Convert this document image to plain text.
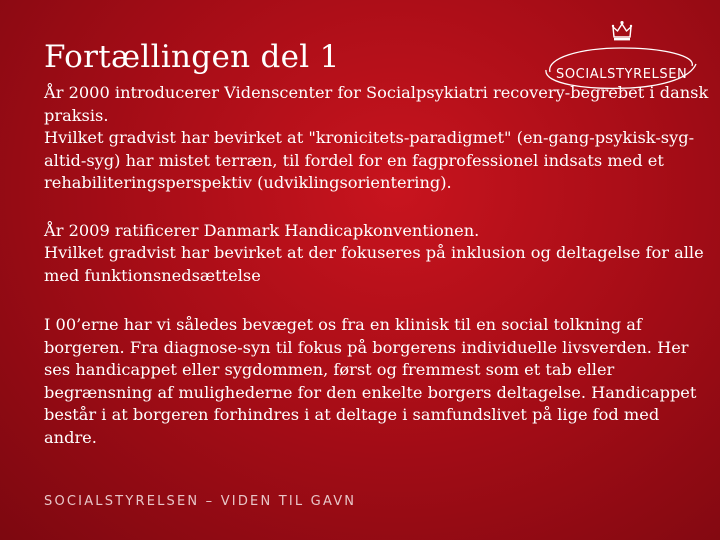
Fortællingen del 1	SOCIALSTYRELSEN

År 2000 introducerer Videnscenter for Socialpsykiatri recovery-begrebet i dansk praksis.

Hvilket gradvist har bevirket at "kronicitets-paradigmet" (en-gang-psykisk-syg-altid-syg) har mistet terræn, til fordel for en fagprofessionel indsats med et rehabiliteringsperspektiv (udviklingsorientering).

År 2009 ratificerer Danmark Handicapkonventionen.

Hvilket gradvist har bevirket at der fokuseres på inklusion og deltagelse for alle med funktionsnedsættelse

I 00’erne har vi således bevæget os fra en klinisk til en social tolkning af borgeren. Fra diagnose-syn til fokus på borgerens individuelle livsverden. Her ses handicappet eller sygdommen, først og fremmest som et tab eller begrænsning af mulighederne for den enkelte borgers deltagelse. Handicappet består i at borgeren forhindres i at deltage i samfundslivet på lige fod med andre.

SOCIALSTYRELSEN – VIDEN TIL GAVN
